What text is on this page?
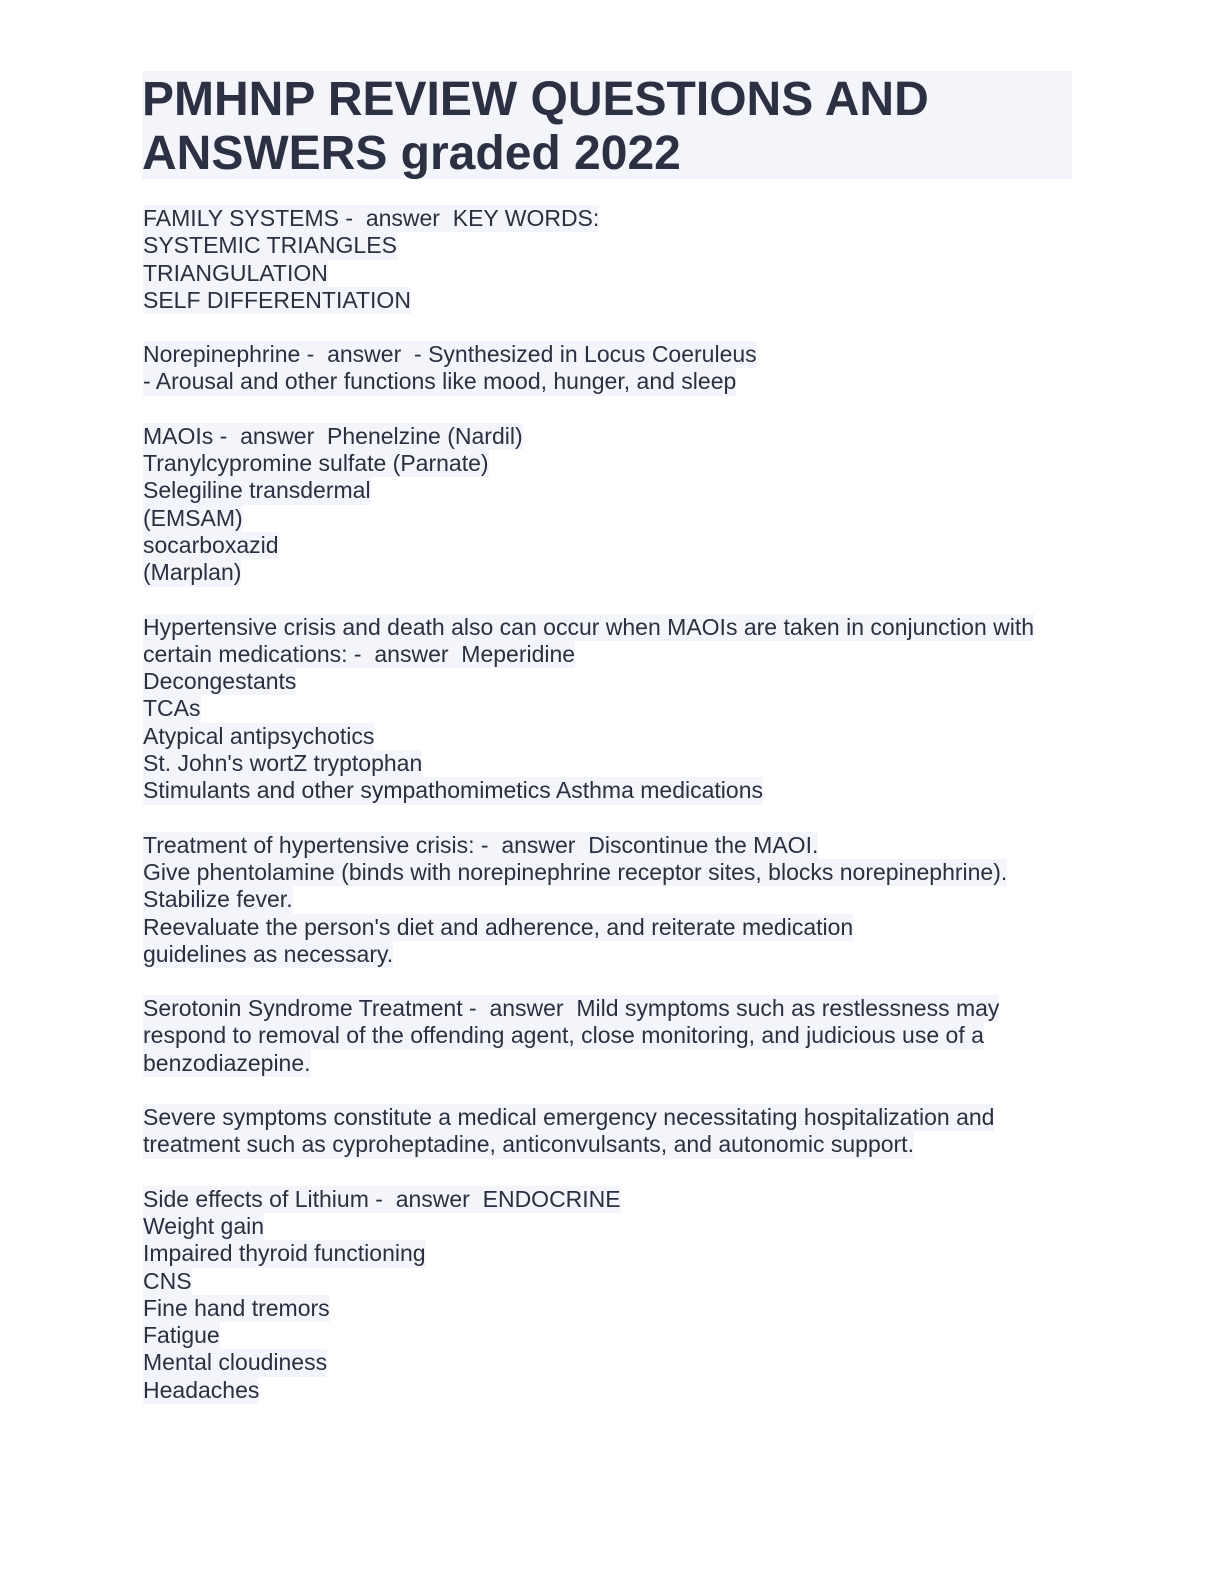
PMHNP REVIEW QUESTIONS AND
ANSWERS graded 2022
FAMILY SYSTEMS -  answer  KEY WORDS:
SYSTEMIC TRIANGLES
TRIANGULATION
SELF DIFFERENTIATION
Norepinephrine -  answer  - Synthesized in Locus Coeruleus
- Arousal and other functions like mood, hunger, and sleep
MAOIs -  answer  Phenelzine (Nardil)
Tranylcypromine sulfate (Parnate)
Selegiline transdermal
(EMSAM)
socarboxazid
(Marplan)
Hypertensive crisis and death also can occur when MAOIs are taken in conjunction with
certain medications: -  answer  Meperidine
Decongestants
TCAs
Atypical antipsychotics
St. John's wortZ tryptophan
Stimulants and other sympathomimetics Asthma medications
Treatment of hypertensive crisis: -  answer  Discontinue the MAOI.
Give phentolamine (binds with norepinephrine receptor sites, blocks norepinephrine).
Stabilize fever.
Reevaluate the person's diet and adherence, and reiterate medication
guidelines as necessary.
Serotonin Syndrome Treatment -  answer  Mild symptoms such as restlessness may
respond to removal of the offending agent, close monitoring, and judicious use of a
benzodiazepine.
Severe symptoms constitute a medical emergency necessitating hospitalization and
treatment such as cyproheptadine, anticonvulsants, and autonomic support.
Side effects of Lithium -  answer  ENDOCRINE
Weight gain
Impaired thyroid functioning
CNS
Fine hand tremors
Fatigue
Mental cloudiness
Headaches
